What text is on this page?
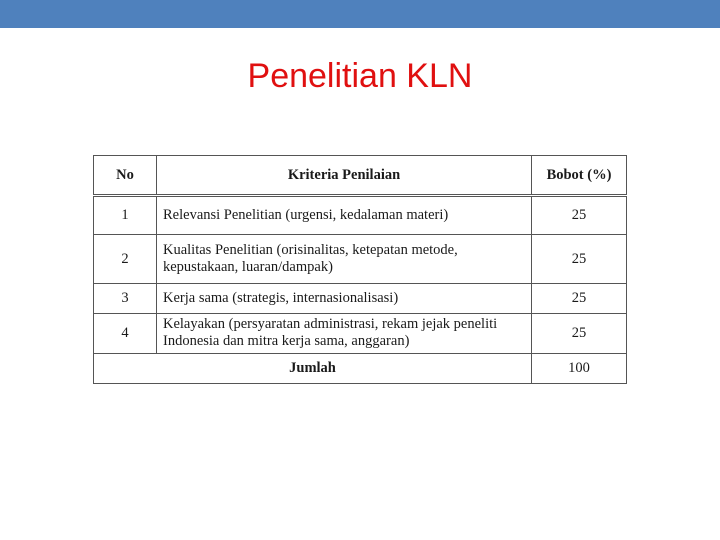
Penelitian KLN
No	Kriteria Penilaian	Bobot (%)
1	Relevansi Penelitian (urgensi, kedalaman materi)	25
2	Kualitas Penelitian (orisinalitas, ketepatan metode, kepustakaan, luaran/dampak)	25
3	Kerja sama (strategis, internasionalisasi)	25
4	Kelayakan (persyaratan administrasi, rekam jejak peneliti Indonesia dan mitra kerja sama, anggaran)	25
Jumlah		100
